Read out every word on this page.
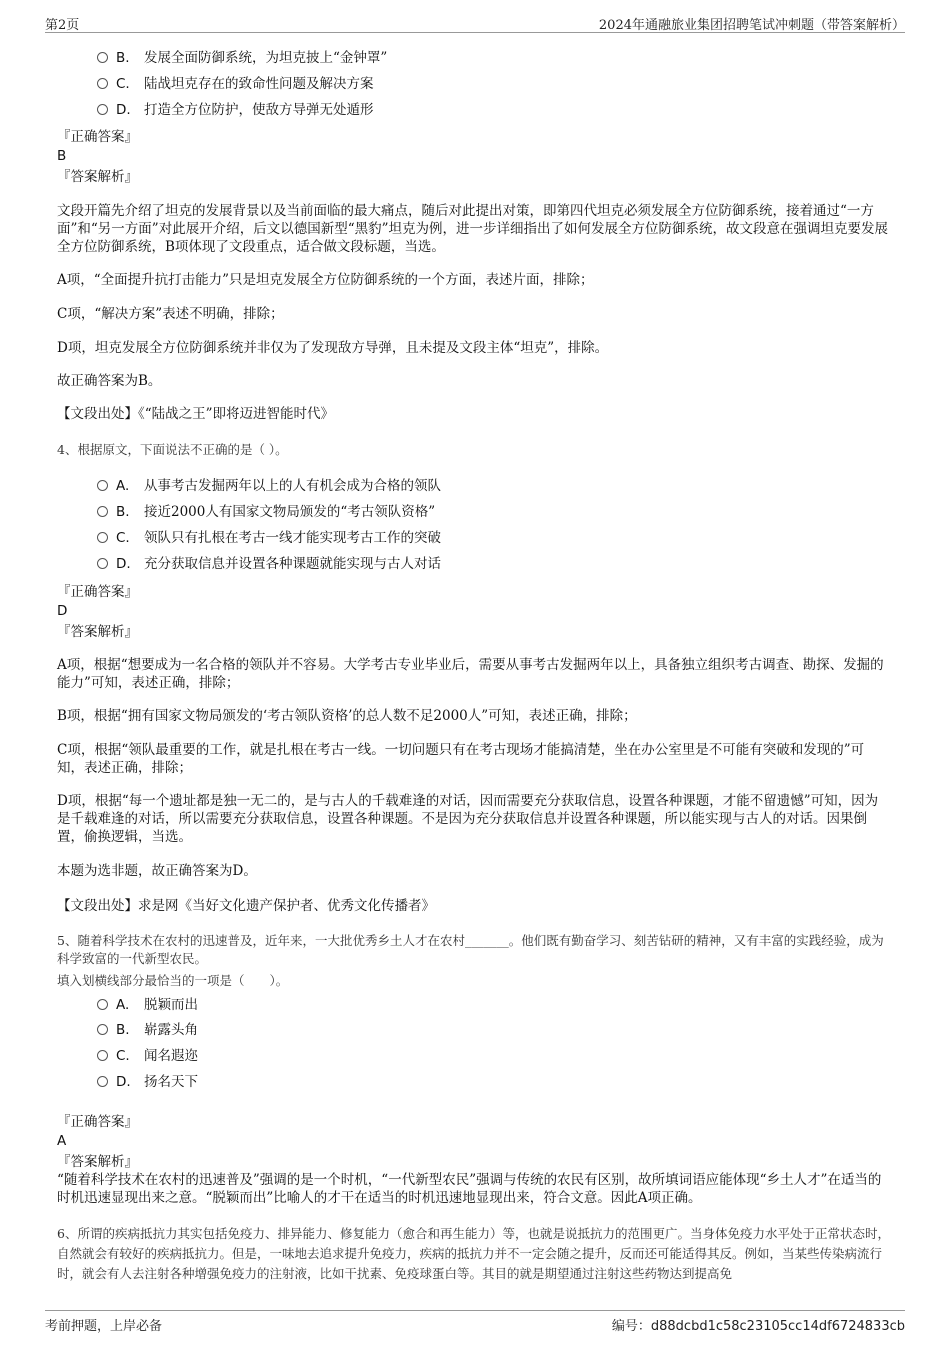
第2页	2024年通融旅业集团招聘笔试冲刺题（带答案解析）
B. 发展全面防御系统，为坦克披上“金钟罩”
C. 陆战坦克存在的致命性问题及解决方案
D. 打造全方位防护，使敌方导弹无处遁形
『正确答案』
B
『答案解析』
文段开篇先介绍了坦克的发展背景以及当前面临的最大痛点，随后对此提出对策，即第四代坦克必须发展全方位防御系统，接着通过“一方面”和“另一方面”对此展开介绍，后文以德国新型“黑豹”坦克为例，进一步详细指出了如何发展全方位防御系统，故文段意在强调坦克要发展全方位防御系统，B项体现了文段重点，适合做文段标题，当选。
A项，“全面提升抗打击能力”只是坦克发展全方位防御系统的一个方面，表述片面，排除；
C项，“解决方案”表述不明确，排除；
D项，坦克发展全方位防御系统并非仅为了发现敌方导弹，且未提及文段主体“坦克”，排除。
故正确答案为B。
【文段出处】《“陆战之王”即将迈进智能时代》
4、根据原文，下面说法不正确的是（ ）。
A. 从事考古发掘两年以上的人有机会成为合格的领队
B. 接近2000人有国家文物局颁发的“考古领队资格”
C. 领队只有扎根在考古一线才能实现考古工作的突破
D. 充分获取信息并设置各种课题就能实现与古人对话
『正确答案』
D
『答案解析』
A项，根据“想要成为一名合格的领队并不容易。大学考古专业毕业后，需要从事考古发掘两年以上，具备独立组织考古调查、勘探、发掘的能力”可知，表述正确，排除；
B项，根据“拥有国家文物局颁发的‘考古领队资格’的总人数不足2000人”可知，表述正确，排除；
C项，根据“领队最重要的工作，就是扎根在考古一线。一切问题只有在考古现场才能搞清楚，坐在办公室里是不可能有突破和发现的”可知，表述正确，排除；
D项，根据“每一个遗址都是独一无二的，是与古人的千载难逢的对话，因而需要充分获取信息，设置各种课题，才能不留遗憾”可知，因为是千载难逢的对话，所以需要充分获取信息，设置各种课题。不是因为充分获取信息并设置各种课题，所以能实现与古人的对话。因果倒置，偷换逻辑，当选。
本题为选非题，故正确答案为D。
【文段出处】求是网《当好文化遗产保护者、优秀文化传播者》
5、随着科学技术在农村的迅速普及，近年来，一大批优秀乡土人才在农村_______。他们既有勤奋学习、刻苦钻研的精神，又有丰富的实践经验，成为科学致富的一代新型农民。
填入划横线部分最恰当的一项是（　　）。
A. 脱颖而出
B. 崭露头角
C. 闻名遐迩
D. 扬名天下
『正确答案』
A
『答案解析』
“随着科学技术在农村的迅速普及”强调的是一个时机，“一代新型农民”强调与传统的农民有区别，故所填词语应能体现“乡土人才”在适当的时机迅速显现出来之意。“脱颖而出”比喻人的才干在适当的时机迅速地显现出来，符合文意。因此A项正确。
6、所谓的疾病抵抗力其实包括免疫力、排异能力、修复能力（愈合和再生能力）等，也就是说抵抗力的范围更广。当身体免疫力水平处于正常状态时，自然就会有较好的疾病抵抗力。但是，一味地去追求提升免疫力，疾病的抵抗力并不一定会随之提升，反而还可能适得其反。例如，当某些传染病流行时，就会有人去注射各种增强免疫力的注射液，比如干扰素、免疫球蛋白等。其目的就是期望通过注射这些药物达到提高免
考前押题，上岸必备	编号：d88dcbd1c58c23105cc14df6724833cb
